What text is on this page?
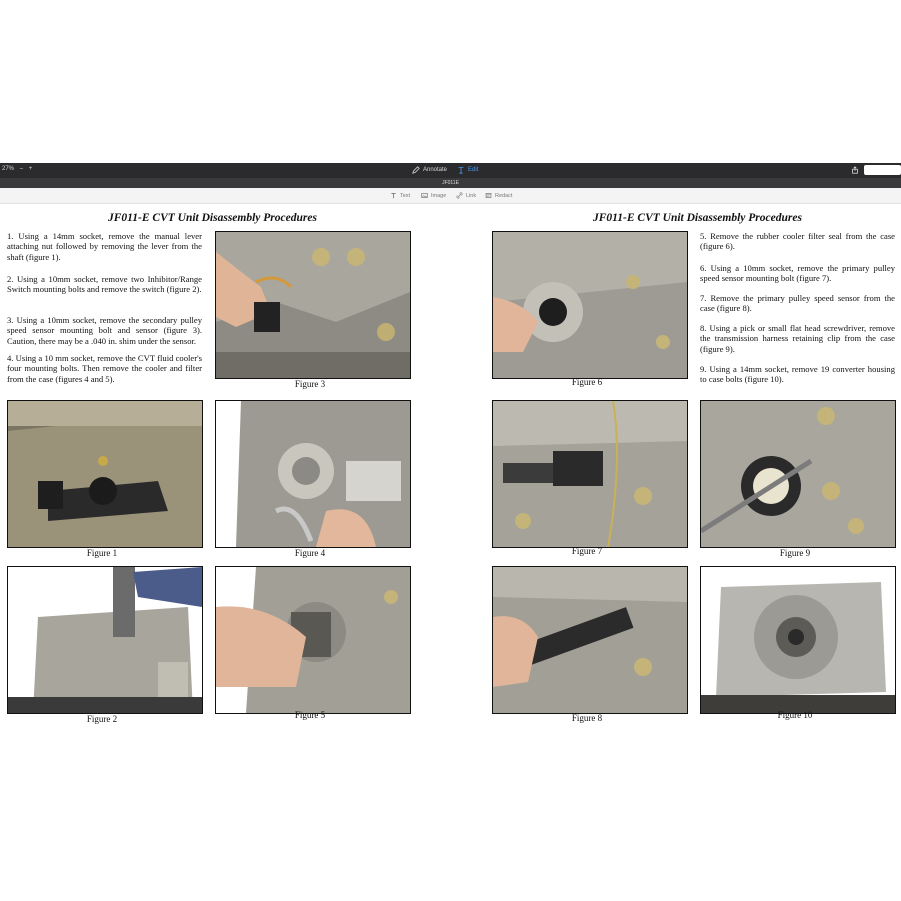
27% – +	Annotate	Edit
JF011E
Text	Image	Link	Redact
JF011-E CVT Unit Disassembly Procedures

1. Using a 14mm socket, remove the manual lever attaching nut followed by removing the lever from the shaft (figure 1).

2. Using a 10mm socket, remove two Inhibitor/Range Switch mounting bolts and remove the switch (figure 2).

3. Using a 10mm socket, remove the secondary pulley speed sensor mounting bolt and sensor (figure 3). Caution, there may be a .040 in. shim under the sensor.

4. Using a 10 mm socket, remove the CVT fluid cooler's four mounting bolts. Then remove the cooler and filter from the case (figures 4 and 5).

Figure 3
Figure 1	Figure 4
Figure 2	Figure 5
JF011-E CVT Unit Disassembly Procedures
Figure 6

5. Remove the rubber cooler filter seal from the case (figure 6).

6. Using a 10mm socket, remove the primary pulley speed sensor mounting bolt (figure 7).

7. Remove the primary pulley speed sensor from the case (figure 8).

8. Using a pick or small flat head screwdriver, remove the transmission harness retaining clip from the case (figure 9).

9. Using a 14mm socket, remove 19 converter housing to case bolts (figure 10).

Figure 7	Figure 9
Figure 8	Figure 10
